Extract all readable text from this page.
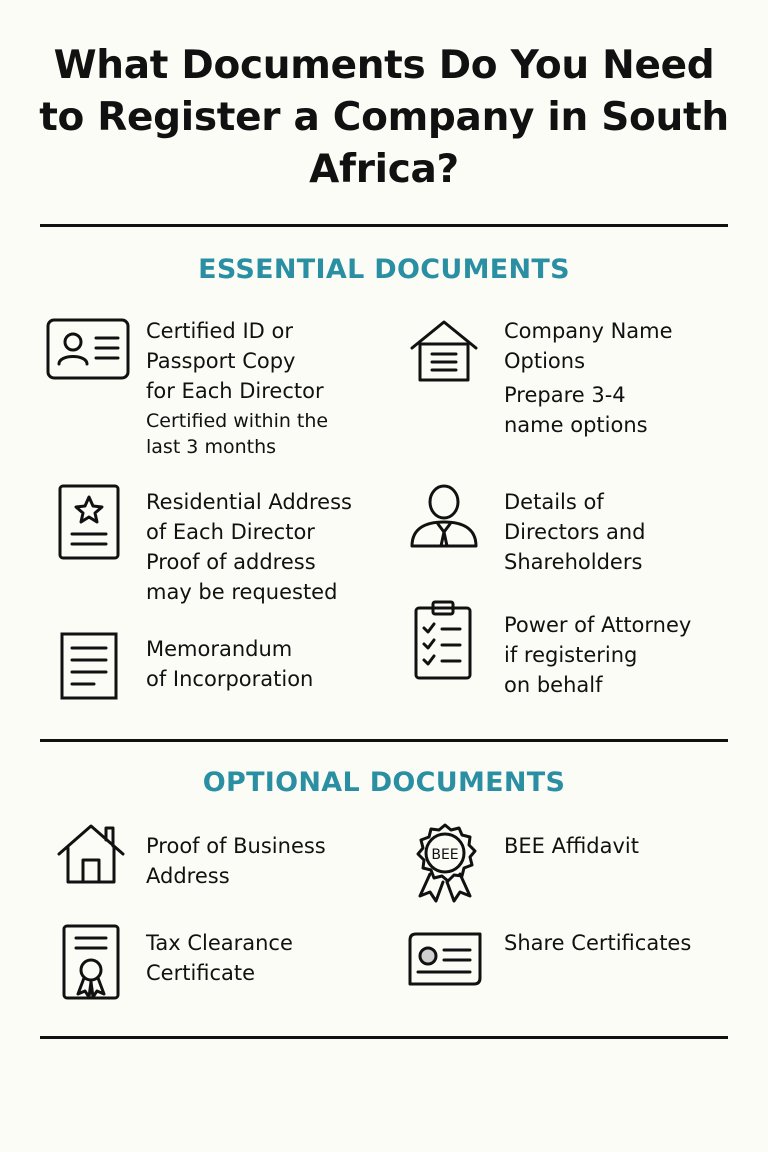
What Documents Do You Need
to Register a Company in South
Africa?
ESSENTIAL DOCUMENTS
Certified ID or
Passport Copy
for Each Director
Certified within the
last 3 months
Company Name
Options
Prepare 3-4
name options
Residential Address
of Each Director
Proof of address
may be requested
Details of
Directors and
Shareholders
Memorandum
of Incorporation
Power of Attorney
if registering
on behalf
OPTIONAL DOCUMENTS
Proof of Business
Address
BEE BEE Affidavit
Tax Clearance
Certificate
Share Certificates
